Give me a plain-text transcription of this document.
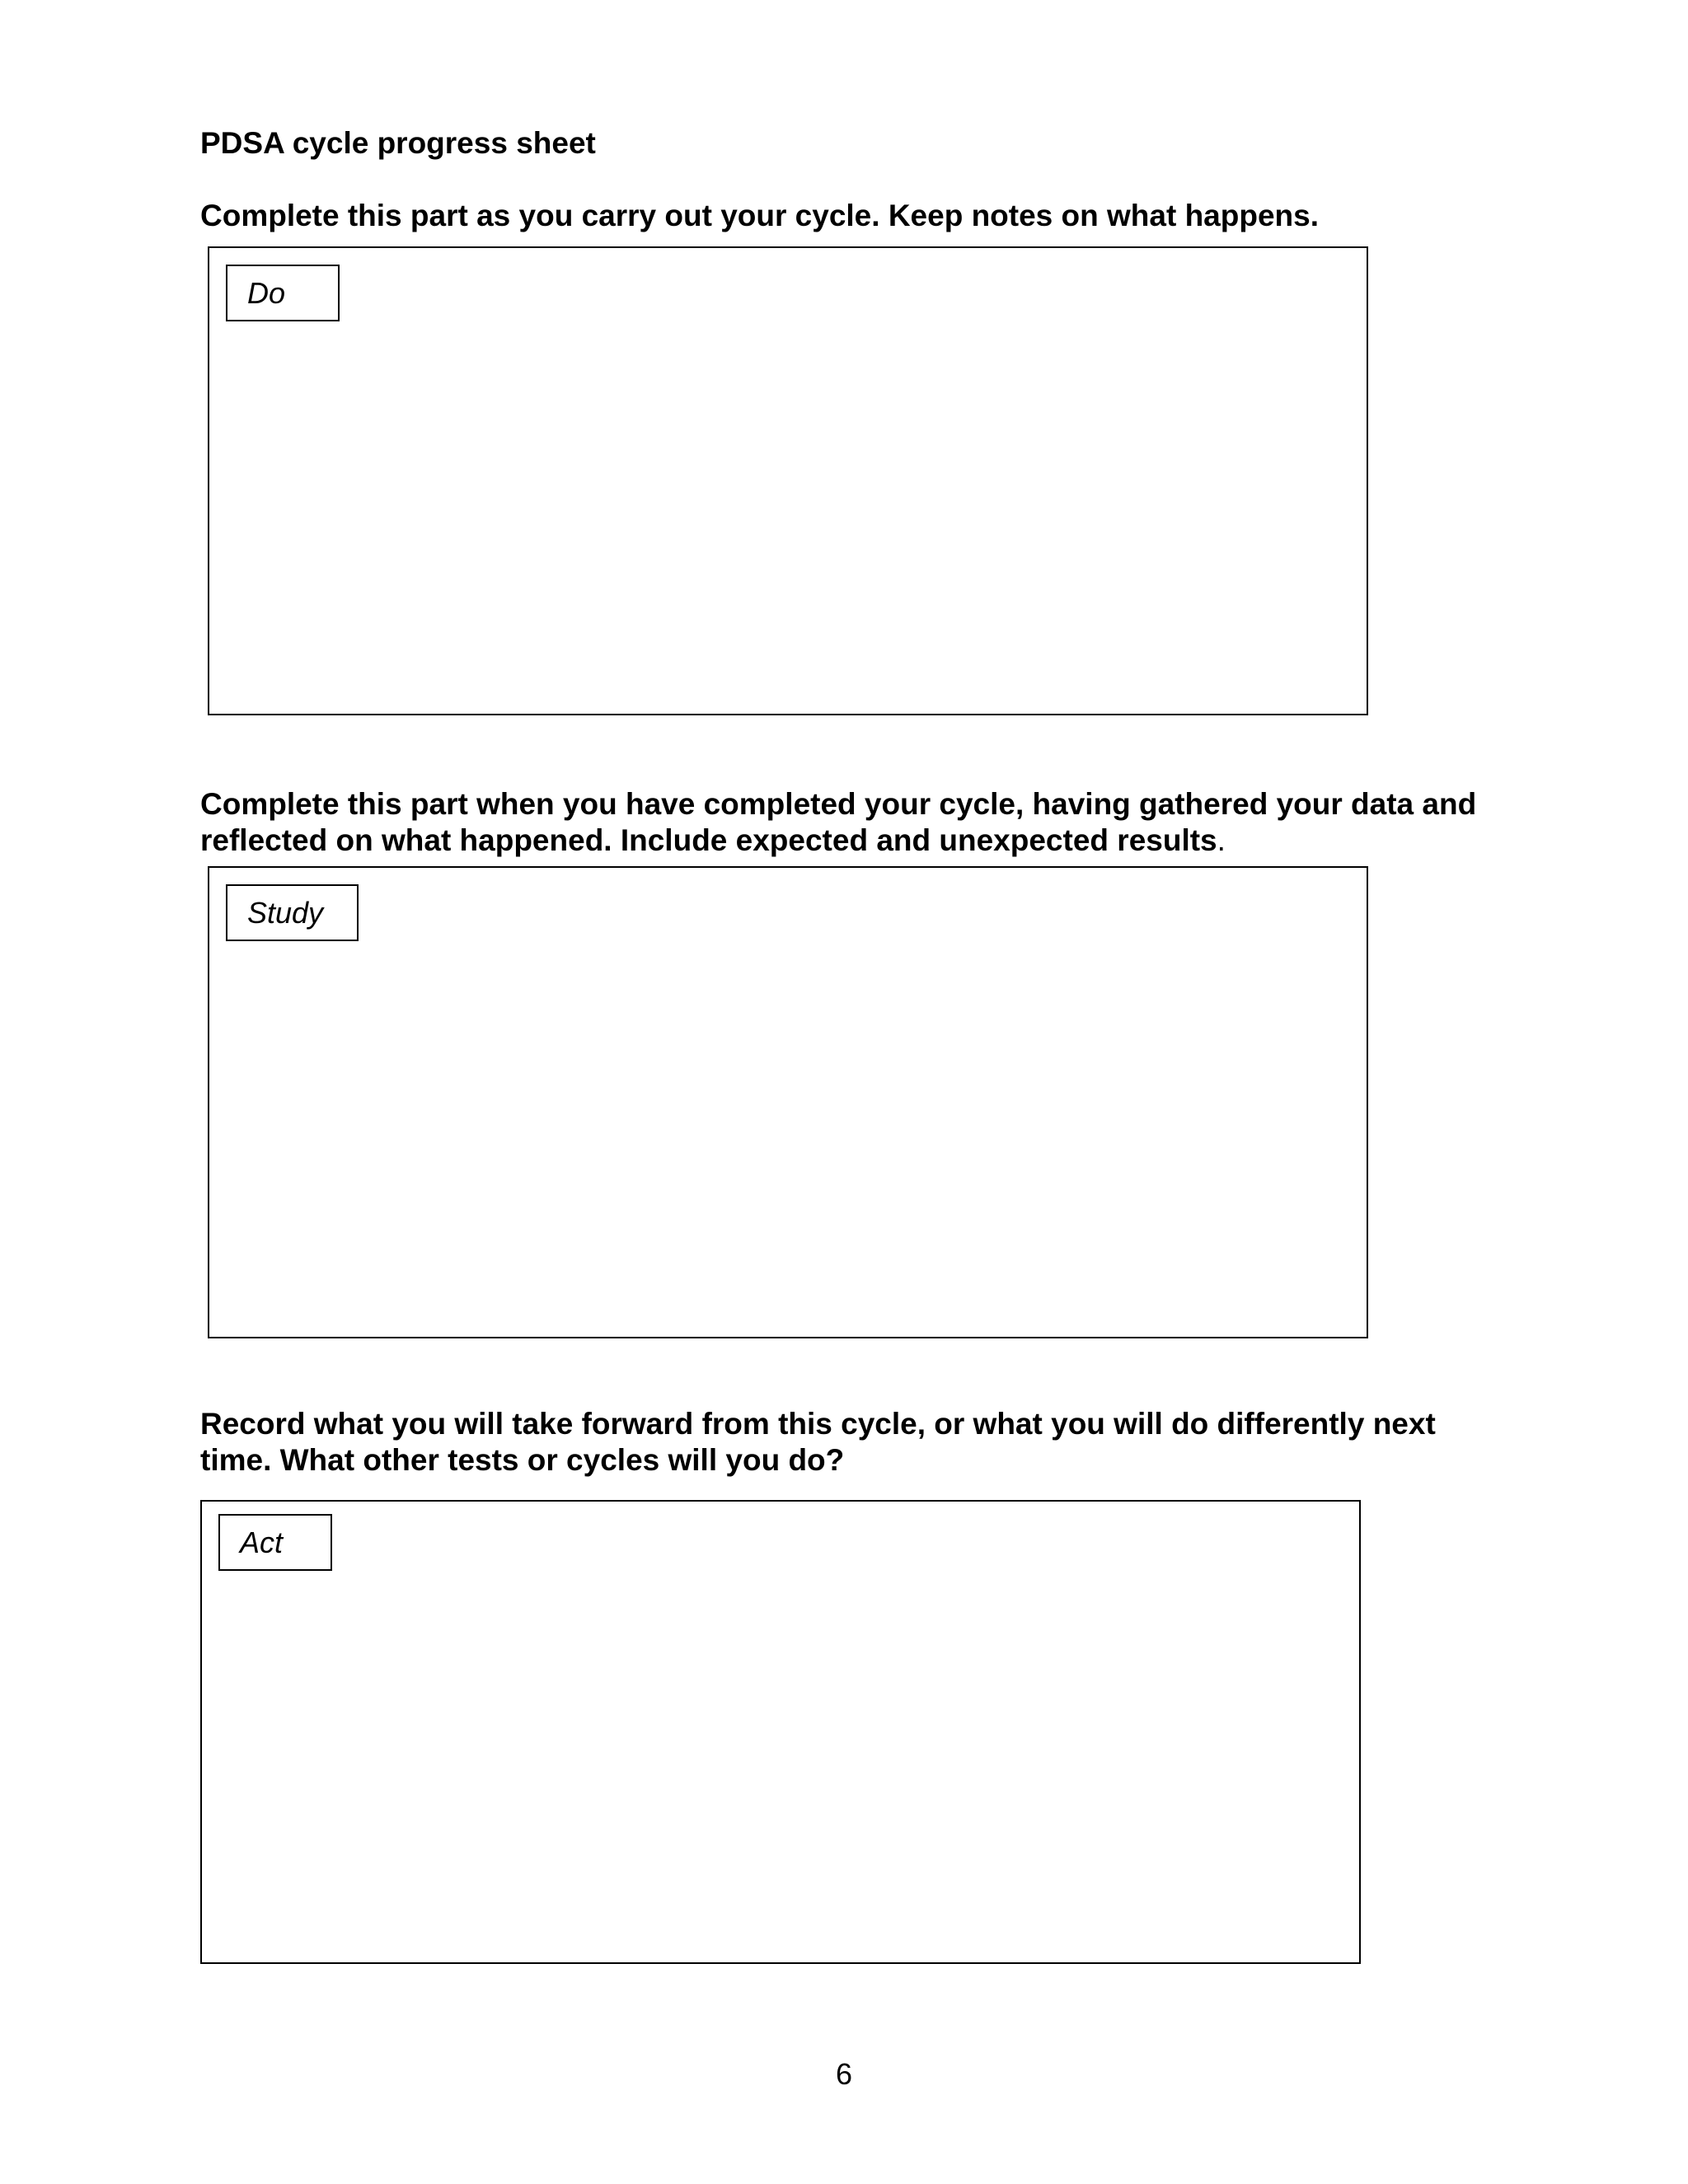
PDSA cycle progress sheet
Complete this part as you carry out your cycle. Keep notes on what happens.
Do
Complete this part when you have completed your cycle, having gathered your data and reflected on what happened. Include expected and unexpected results.
Study
Record what you will take forward from this cycle, or what you will do differently next time. What other tests or cycles will you do?
Act
6
